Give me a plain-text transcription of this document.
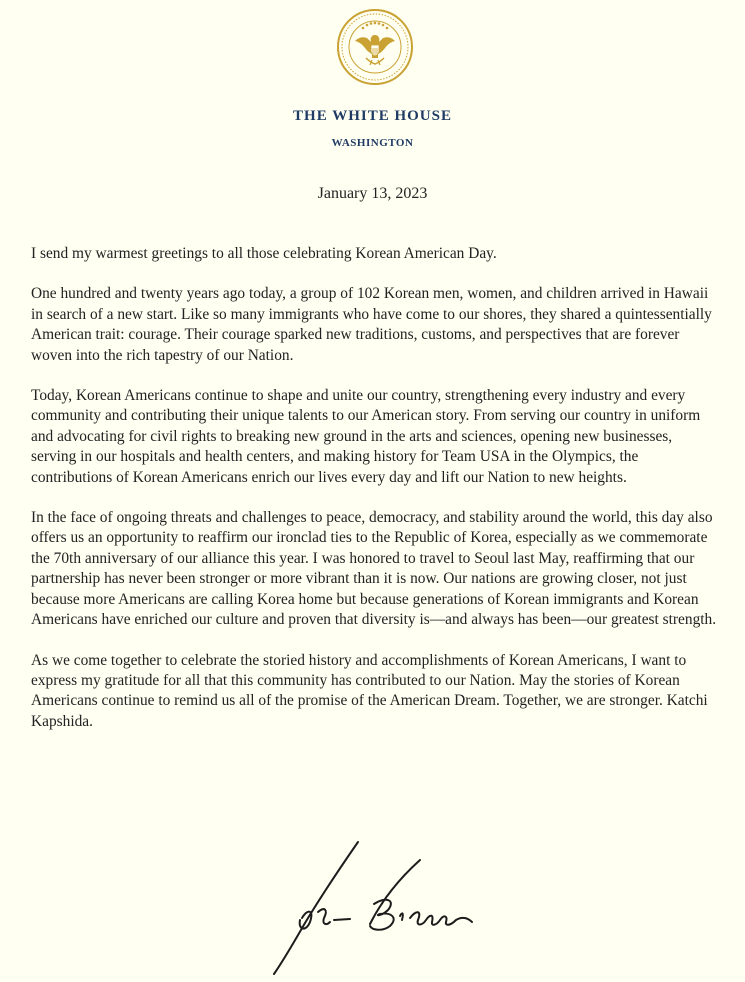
THE WHITE HOUSE
WASHINGTON
January 13, 2023

I send my warmest greetings to all those celebrating Korean American Day.

One hundred and twenty years ago today, a group of 102 Korean men, women, and children arrived in Hawaii in search of a new start. Like so many immigrants who have come to our shores, they shared a quintessentially American trait: courage. Their courage sparked new traditions, customs, and perspectives that are forever woven into the rich tapestry of our Nation.

Today, Korean Americans continue to shape and unite our country, strengthening every industry and every community and contributing their unique talents to our American story. From serving our country in uniform and advocating for civil rights to breaking new ground in the arts and sciences, opening new businesses, serving in our hospitals and health centers, and making history for Team USA in the Olympics, the contributions of Korean Americans enrich our lives every day and lift our Nation to new heights.

In the face of ongoing threats and challenges to peace, democracy, and stability around the world, this day also offers us an opportunity to reaffirm our ironclad ties to the Republic of Korea, especially as we commemorate the 70th anniversary of our alliance this year. I was honored to travel to Seoul last May, reaffirming that our partnership has never been stronger or more vibrant than it is now. Our nations are growing closer, not just because more Americans are calling Korea home but because generations of Korean immigrants and Korean Americans have enriched our culture and proven that diversity is—and always has been—our greatest strength.

As we come together to celebrate the storied history and accomplishments of Korean Americans, I want to express my gratitude for all that this community has contributed to our Nation. May the stories of Korean Americans continue to remind us all of the promise of the American Dream. Together, we are stronger. Katchi Kapshida.
